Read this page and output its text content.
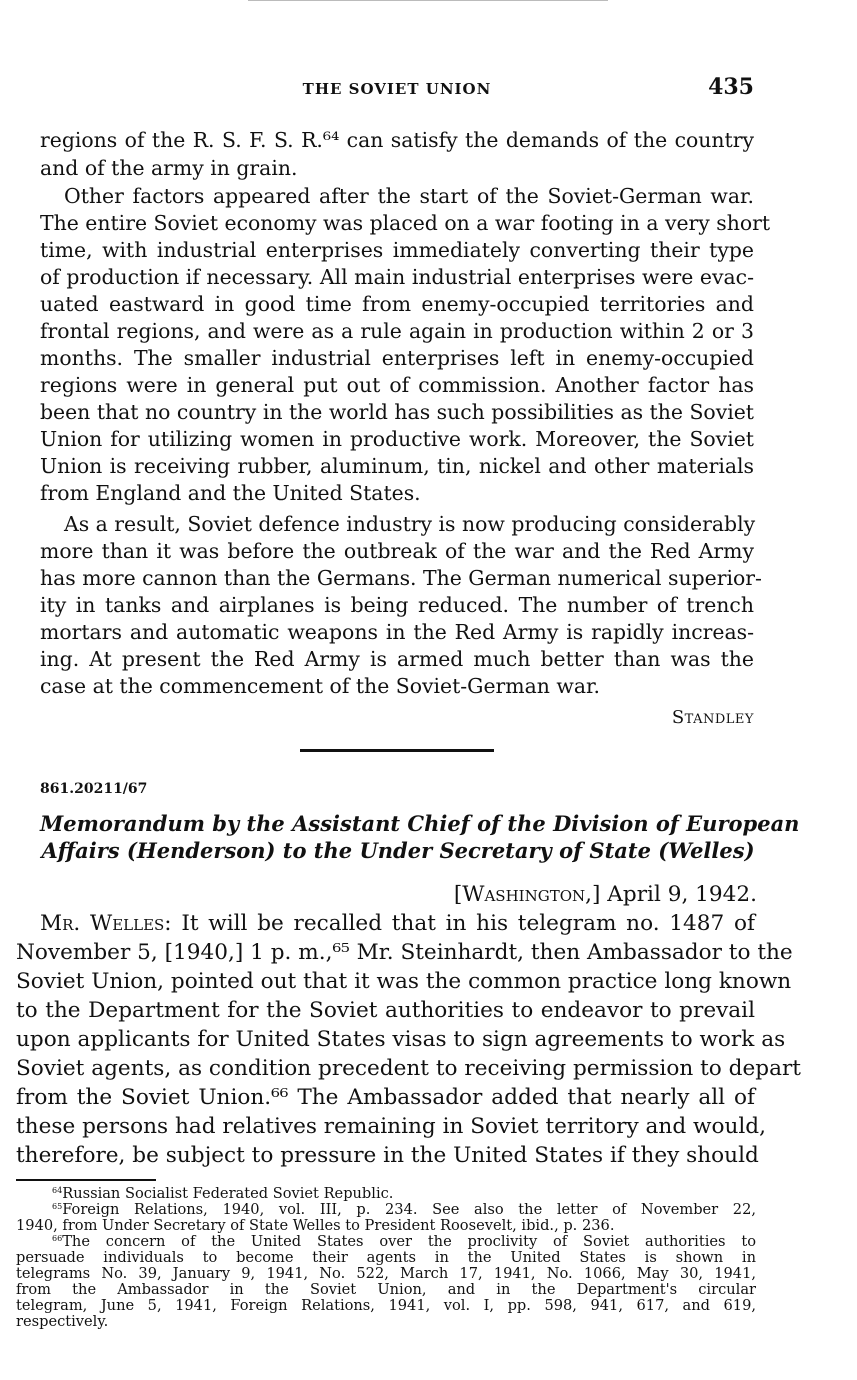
THE SOVIET UNION	435
regions of the R. S. F. S. R.⁶⁴ can satisfy the demands of the country
and of the army in grain.
Other factors appeared after the start of the Soviet-German war.
The entire Soviet economy was placed on a war footing in a very short
time, with industrial enterprises immediately converting their type
of production if necessary. All main industrial enterprises were evac-
uated eastward in good time from enemy-occupied territories and
frontal regions, and were as a rule again in production within 2 or 3
months. The smaller industrial enterprises left in enemy-occupied
regions were in general put out of commission. Another factor has
been that no country in the world has such possibilities as the Soviet
Union for utilizing women in productive work. Moreover, the Soviet
Union is receiving rubber, aluminum, tin, nickel and other materials
from England and the United States.
As a result, Soviet defence industry is now producing considerably
more than it was before the outbreak of the war and the Red Army
has more cannon than the Germans. The German numerical superior-
ity in tanks and airplanes is being reduced. The number of trench
mortars and automatic weapons in the Red Army is rapidly increas-
ing. At present the Red Army is armed much better than was the
case at the commencement of the Soviet-German war.
Standley
861.20211/67
Memorandum by the Assistant Chief of the Division of European
Affairs (Henderson) to the Under Secretary of State (Welles)
[Washington,] April 9, 1942.
Mr. Welles: It will be recalled that in his telegram no. 1487 of
November 5, [1940,] 1 p. m.,⁶⁵ Mr. Steinhardt, then Ambassador to the
Soviet Union, pointed out that it was the common practice long known
to the Department for the Soviet authorities to endeavor to prevail
upon applicants for United States visas to sign agreements to work as
Soviet agents, as condition precedent to receiving permission to depart
from the Soviet Union.⁶⁶ The Ambassador added that nearly all of
these persons had relatives remaining in Soviet territory and would,
therefore, be subject to pressure in the United States if they should
$^{64}$Russian Socialist Federated Soviet Republic.
$^{65}$Foreign Relations, 1940, vol. III, p. 234. See also the letter of November 22,
1940, from Under Secretary of State Welles to President Roosevelt, ibid., p. 236.
$^{66}$The concern of the United States over the proclivity of Soviet authorities to
persuade individuals to become their agents in the United States is shown in
telegrams No. 39, January 9, 1941, No. 522, March 17, 1941, No. 1066, May 30, 1941,
from the Ambassador in the Soviet Union, and in the Department's circular
telegram, June 5, 1941, Foreign Relations, 1941, vol. I, pp. 598, 941, 617, and 619,
respectively.
